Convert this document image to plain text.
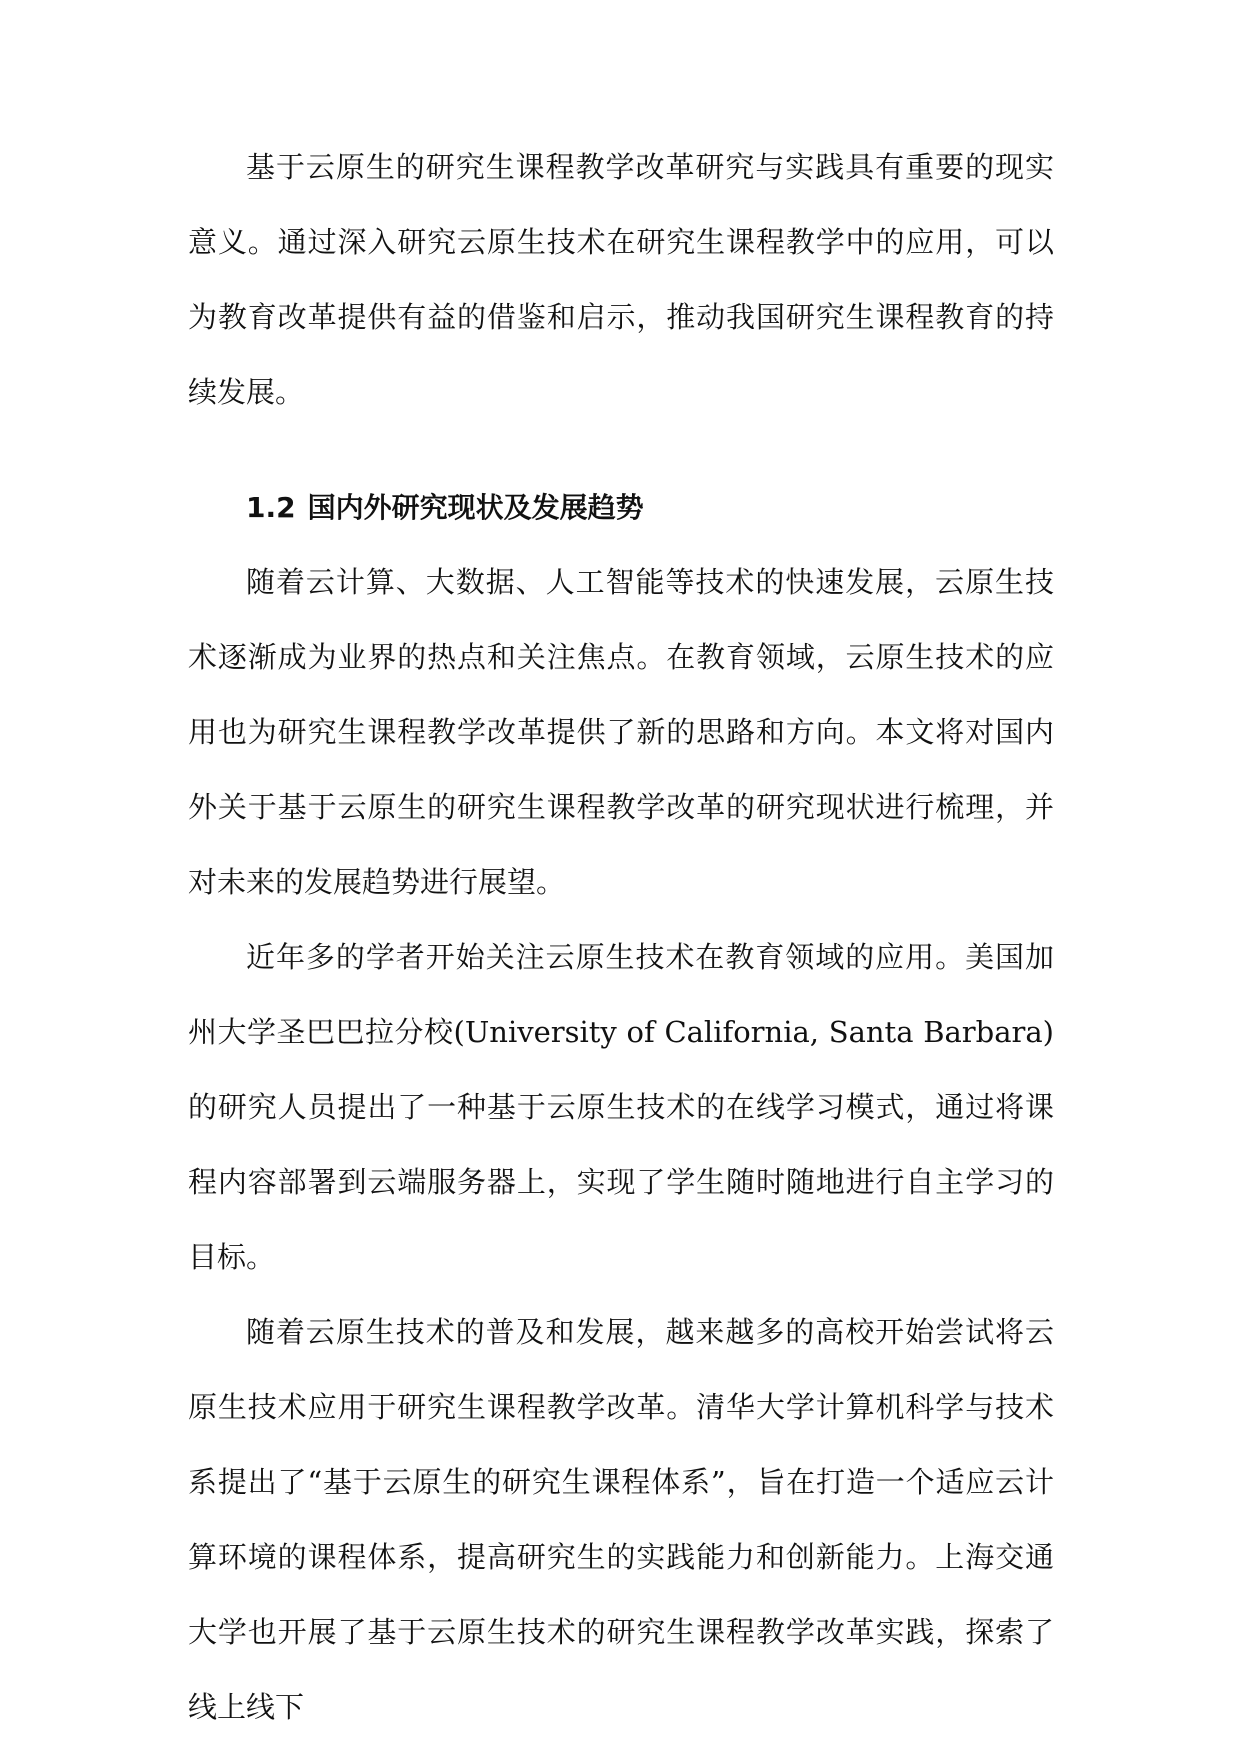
基于云原生的研究生课程教学改革研究与实践具有重要的现实意义。通过深入研究云原生技术在研究生课程教学中的应用，可以为教育改革提供有益的借鉴和启示，推动我国研究生课程教育的持续发展。

1.2 国内外研究现状及发展趋势

随着云计算、大数据、人工智能等技术的快速发展，云原生技术逐渐成为业界的热点和关注焦点。在教育领域，云原生技术的应用也为研究生课程教学改革提供了新的思路和方向。本文将对国内外关于基于云原生的研究生课程教学改革的研究现状进行梳理，并对未来的发展趋势进行展望。

近年多的学者开始关注云原生技术在教育领域的应用。美国加州大学圣巴巴拉分校(University of California, Santa Barbara)的研究人员提出了一种基于云原生技术的在线学习模式，通过将课程内容部署到云端服务器上，实现了学生随时随地进行自主学习的目标。

随着云原生技术的普及和发展，越来越多的高校开始尝试将云原生技术应用于研究生课程教学改革。清华大学计算机科学与技术系提出了“基于云原生的研究生课程体系”，旨在打造一个适应云计算环境的课程体系，提高研究生的实践能力和创新能力。上海交通大学也开展了基于云原生技术的研究生课程教学改革实践，探索了线上线下
